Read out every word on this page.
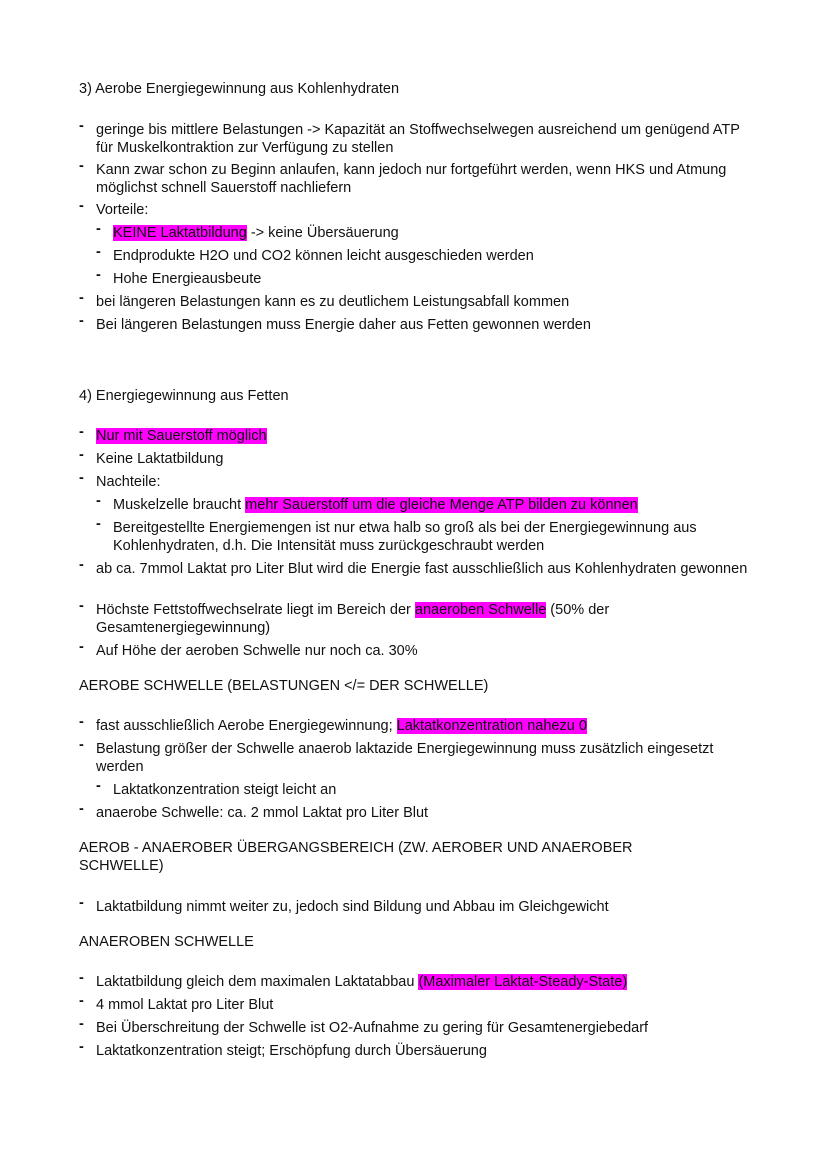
3) Aerobe Energiegewinnung aus Kohlenhydraten
- geringe bis mittlere Belastungen -> Kapazität an Stoffwechselwegen ausreichend um genügend ATP für Muskelkontraktion zur Verfügung zu stellen
- Kann zwar schon zu Beginn anlaufen, kann jedoch nur fortgeführt werden, wenn HKS und Atmung möglichst schnell Sauerstoff nachliefern
- Vorteile:
- KEINE Laktatbildung -> keine Übersäuerung
- Endprodukte H2O und CO2 können leicht ausgeschieden werden
- Hohe Energieausbeute
- bei längeren Belastungen kann es zu deutlichem Leistungsabfall kommen
- Bei längeren Belastungen muss Energie daher aus Fetten gewonnen werden
4) Energiegewinnung aus Fetten
- Nur mit Sauerstoff möglich
- Keine Laktatbildung
- Nachteile:
- Muskelzelle braucht mehr Sauerstoff um die gleiche Menge ATP bilden zu können
- Bereitgestellte Energiemengen ist nur etwa halb so groß als bei der Energiegewinnung aus Kohlenhydraten, d.h. Die Intensität muss zurückgeschraubt werden
- ab ca. 7mmol Laktat pro Liter Blut wird die Energie fast ausschließlich aus Kohlenhydraten gewonnen
- Höchste Fettstoffwechselrate liegt im Bereich der anaeroben Schwelle (50% der Gesamtenergiegewinnung)
- Auf Höhe der aeroben Schwelle nur noch ca. 30%
AEROBE SCHWELLE (BELASTUNGEN </= DER SCHWELLE)
- fast ausschließlich Aerobe Energiegewinnung; Laktatkonzentration nahezu 0
- Belastung größer der Schwelle anaerob laktazide Energiegewinnung muss zusätzlich eingesetzt werden
- Laktatkonzentration steigt leicht an
- anaerobe Schwelle: ca. 2 mmol Laktat pro Liter Blut
AEROB - ANAEROBER ÜBERGANGSBEREICH (ZW. AEROBER UND ANAEROBER SCHWELLE)
- Laktatbildung nimmt weiter zu, jedoch sind Bildung und Abbau im Gleichgewicht
ANAEROBEN SCHWELLE
- Laktatbildung gleich dem maximalen Laktatabbau (Maximaler Laktat-Steady-State)
- 4 mmol Laktat pro Liter Blut
- Bei Überschreitung der Schwelle ist O2-Aufnahme zu gering für Gesamtenergiebedarf
- Laktatkonzentration steigt; Erschöpfung durch Übersäuerung
